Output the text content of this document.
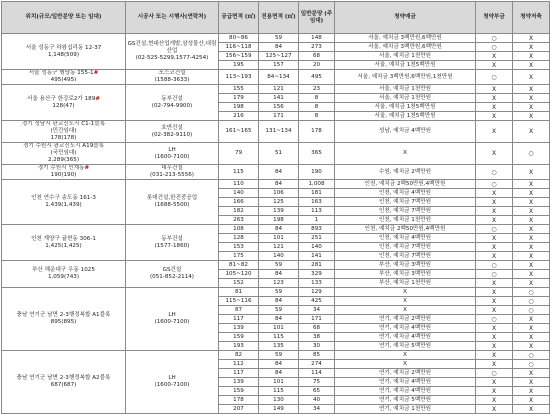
위치(규모/일반분양 또는 임대)	시공사 또는 시행사(연락처)	공급면적 (㎡)	전용면적 (㎡)	일반분양 (주 임대)	청약예금	청약부금	청약저축
서울 성동구 하왕십리동 12-37
1,148(509)	GS건설,현대산업개발,삼성물산,대림산업
(02-525-5299,1577-4254)	80~86	59	148	서울, 예치금 3백만원,6백만원	○	X
		116~118	84	273	서울, 예치금 3백만원,6백만원	○	X
		156~159	125~127	68	서울, 예치금 1천만원	X	X
		195	157	20	서울, 예치금 1천5백만원	X	X
서울 성동구 행당동 155-1#
495(495)	포스코건설
(1588-3633)	113~193	84~134	495	서울, 예치금 3백만원,6백만원,1천만원	○	X
서울 용산구 한강로2가 189#
128(47)	동부건설
(02-794-9900)	155	121	23	서울, 예치금 1천만원	X	X
		179	141	8	서울, 예치금 1천만원	X	X
		198	156	8	서울, 예치금 1천5백만원	X	X
		216	171	8	서울, 예치금 1천5백만원	X	X
경기 성남시 판교신도시 C1-1블록
(민간임대)
178(178)	호반건설
(02-382-9110)	161~165	131~134	178	성남, 예치금 4백만원	X	X
경기 수원시 광교신도시 A19블록
(국민임대)
2,289(365)	LH
(1600-7100)	79	51	365	X	X	○
경기 수원시 인계동#
190(190)	대우건설
(031-213-5556)	115	84	190	수원, 예치금 2백만원	○	X
인천 연수구 송도동 161-3
1,439(1,439)	롯데건설,한진중공업
(1688-5500)	110	84	1,008	인천, 예치금 2백50만원,4백만원	○	X
		140	106	181	인천, 예치금 4백만원	X	X
		166	125	163	인천, 예치금 7백만원	X	X
		182	139	113	인천, 예치금 7백만원	X	X
		263	198	1	인천, 예치금 1천만원	X	X
인천 계양구 귤현동 306-1
1,425(1,425)	동부건설
(1577-1860)	108	84	893	인천, 예치금 2백50만원,4백만원	○	X
		128	101	251	인천, 예치금 4백만원	X	X
		153	121	140	인천, 예치금 7백만원	X	X
		175	140	141	인천, 예치금 7백만원	X	X
부산 해운대구 우동 1025
1,059(743)	GS건설
(051-852-2114)	81~82	59	281	부산, 예치금 3백만원	○	X
		105~120	84	329	부산, 예치금 3백만원	○	X
		152	123	133	부산, 예치금 1천만원	X	X
충남 연기군 남면 2-3행정복합 A1블록
895(895)	LH
(1600-7100)	81	59	129	X	X	○
		115~116	84	425	X	X	○
		87	59	34	X	X	○
		117	84	171	연기, 예치금 2백만원	○	X
		139	101	68	연기, 예치금 4백만원	X	X
		159	115	38	연기, 예치금 4백만원	X	X
		193	135	30	연기, 예치금 5백만원	X	X
충남 연기군 남면 2-3행정복합 A2블록
687(687)	LH
(1600-7100)	82	59	85	X	X	○
		112	84	274	X	X	○
		117	84	114	연기, 예치금 2백만원	○	X
		139	101	75	연기, 예치금 4백만원	X	X
		159	115	65	연기, 예치금 4백만원	X	X
		178	130	40	연기, 예치금 5백만원	X	X
		207	149	34	연기, 예치금 1천만원	X	X
